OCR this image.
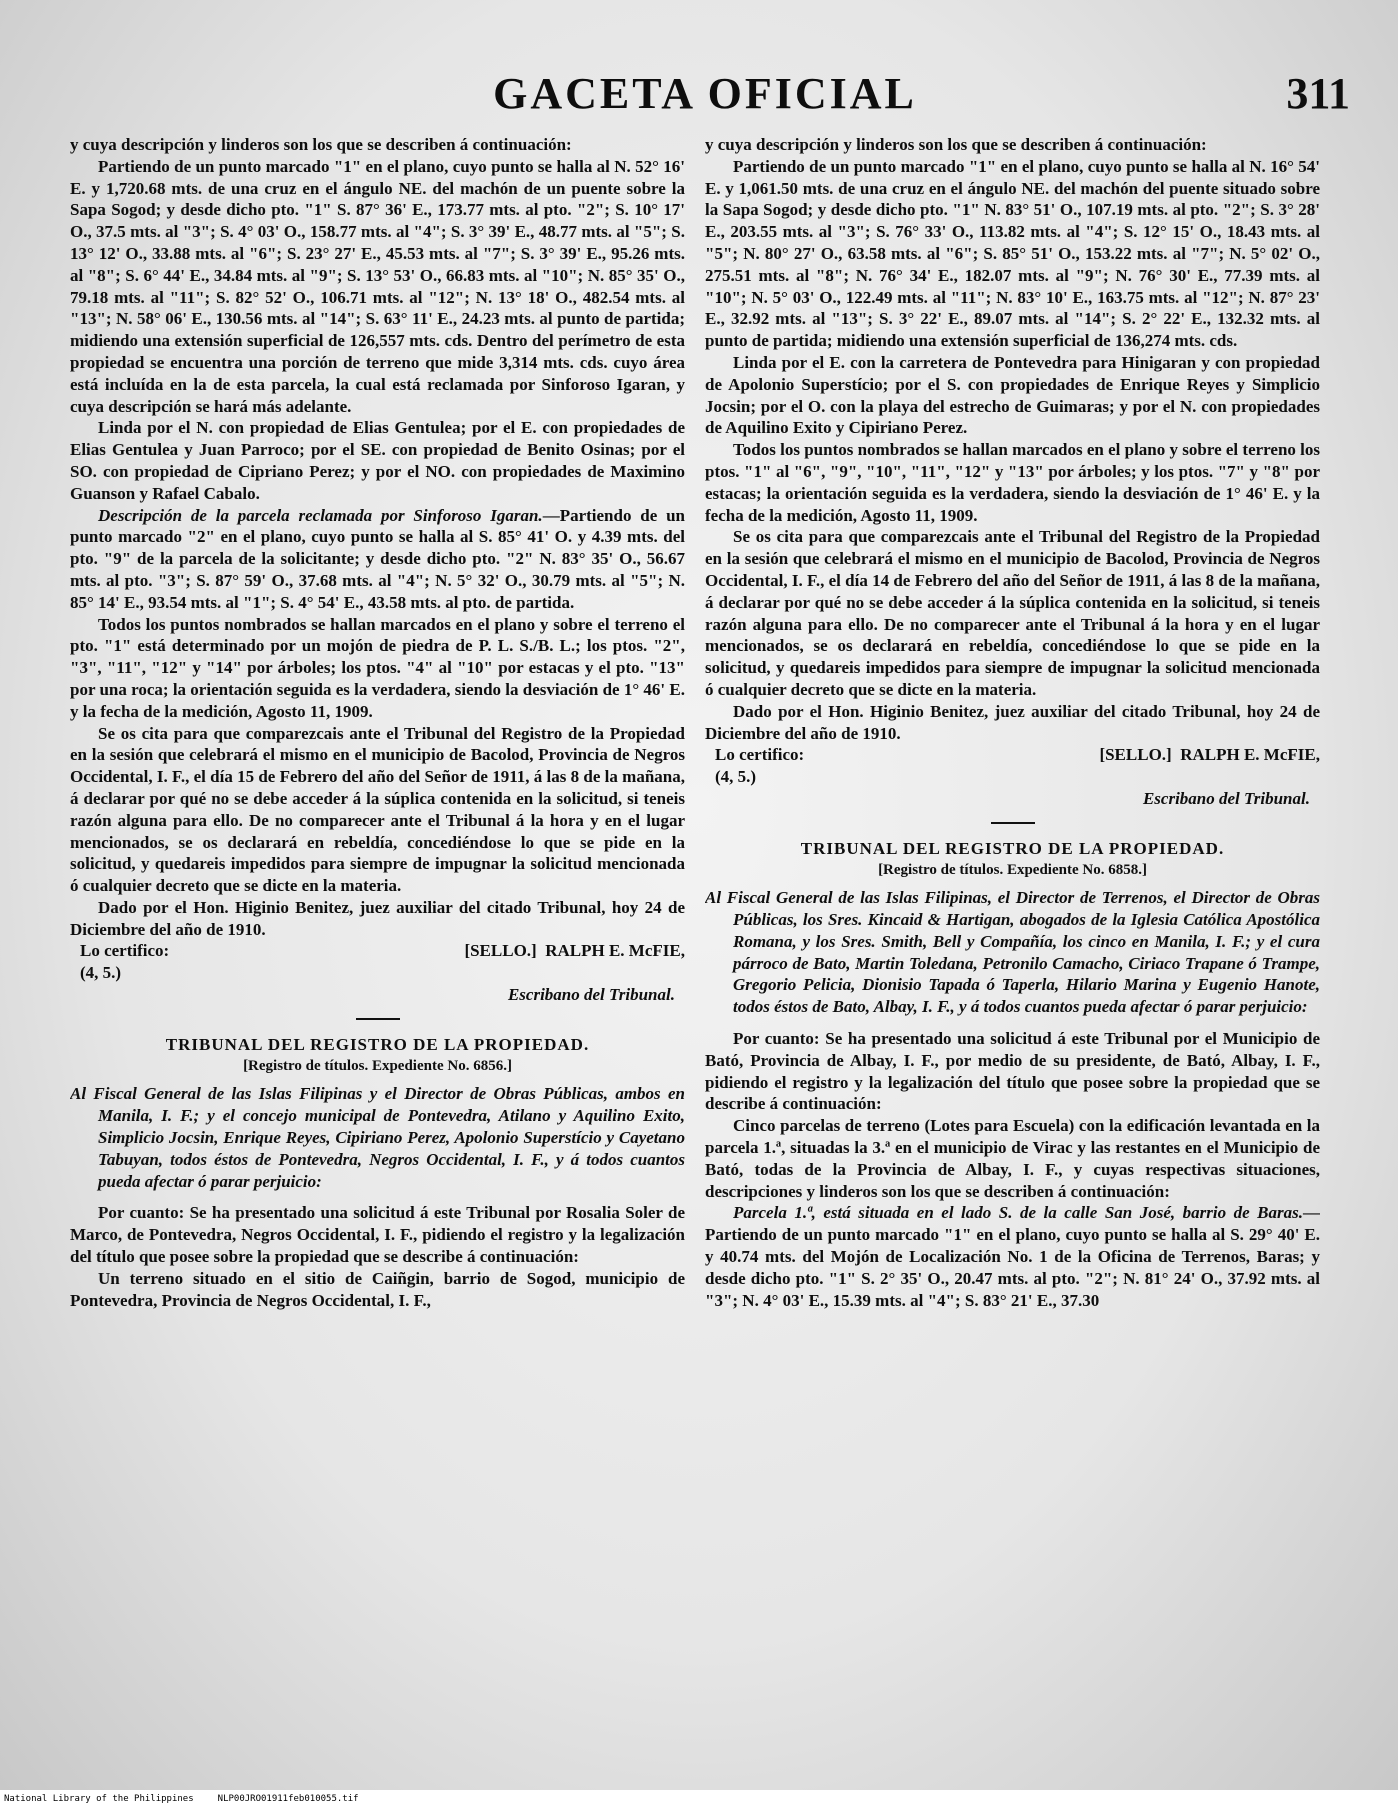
GACETA OFICIAL	311

y cuya descripción y linderos son los que se describen á continuación:

Partiendo de un punto marcado "1" en el plano, cuyo punto se halla al N. 52° 16' E. y 1,720.68 mts. de una cruz en el ángulo NE. del machón de un puente sobre la Sapa Sogod; y desde dicho pto. "1" S. 87° 36' E., 173.77 mts. al pto. "2"; S. 10° 17' O., 37.5 mts. al "3"; S. 4° 03' O., 158.77 mts. al "4"; S. 3° 39' E., 48.77 mts. al "5"; S. 13° 12' O., 33.88 mts. al "6"; S. 23° 27' E., 45.53 mts. al "7"; S. 3° 39' E., 95.26 mts. al "8"; S. 6° 44' E., 34.84 mts. al "9"; S. 13° 53' O., 66.83 mts. al "10"; N. 85° 35' O., 79.18 mts. al "11"; S. 82° 52' O., 106.71 mts. al "12"; N. 13° 18' O., 482.54 mts. al "13"; N. 58° 06' E., 130.56 mts. al "14"; S. 63° 11' E., 24.23 mts. al punto de partida; midiendo una extensión superficial de 126,557 mts. cds. Dentro del perímetro de esta propiedad se encuentra una porción de terreno que mide 3,314 mts. cds. cuyo área está incluída en la de esta parcela, la cual está reclamada por Sinforoso Igaran, y cuya descripción se hará más adelante.

Linda por el N. con propiedad de Elias Gentulea; por el E. con propiedades de Elias Gentulea y Juan Parroco; por el SE. con propiedad de Benito Osinas; por el SO. con propiedad de Cipriano Perez; y por el NO. con propiedades de Maximino Guanson y Rafael Cabalo.

Descripción de la parcela reclamada por Sinforoso Igaran.—Partiendo de un punto marcado "2" en el plano, cuyo punto se halla al S. 85° 41' O. y 4.39 mts. del pto. "9" de la parcela de la solicitante; y desde dicho pto. "2" N. 83° 35' O., 56.67 mts. al pto. "3"; S. 87° 59' O., 37.68 mts. al "4"; N. 5° 32' O., 30.79 mts. al "5"; N. 85° 14' E., 93.54 mts. al "1"; S. 4° 54' E., 43.58 mts. al pto. de partida.

Todos los puntos nombrados se hallan marcados en el plano y sobre el terreno el pto. "1" está determinado por un mojón de piedra de P. L. S./B. L.; los ptos. "2", "3", "11", "12" y "14" por árboles; los ptos. "4" al "10" por estacas y el pto. "13" por una roca; la orientación seguida es la verdadera, siendo la desviación de 1° 46' E. y la fecha de la medición, Agosto 11, 1909.

Se os cita para que comparezcais ante el Tribunal del Registro de la Propiedad en la sesión que celebrará el mismo en el municipio de Bacolod, Provincia de Negros Occidental, I. F., el día 15 de Febrero del año del Señor de 1911, á las 8 de la mañana, á declarar por qué no se debe acceder á la súplica contenida en la solicitud, si teneis razón alguna para ello. De no comparecer ante el Tribunal á la hora y en el lugar mencionados, se os declarará en rebeldía, concediéndose lo que se pide en la solicitud, y quedareis impedidos para siempre de impugnar la solicitud mencionada ó cualquier decreto que se dicte en la materia.

Dado por el Hon. Higinio Benitez, juez auxiliar del citado Tribunal, hoy 24 de Diciembre del año de 1910.

Lo certifico:	[SELLO.] RALPH E. McFIE,

(4, 5.)

Escribano del Tribunal.

TRIBUNAL DEL REGISTRO DE LA PROPIEDAD.

[Registro de títulos. Expediente No. 6856.]

Al Fiscal General de las Islas Filipinas y el Director de Obras Públicas, ambos en Manila, I. F.; y el concejo municipal de Pontevedra, Atilano y Aquilino Exito, Simplicio Jocsin, Enrique Reyes, Cipiriano Perez, Apolonio Superstício y Cayetano Tabuyan, todos éstos de Pontevedra, Negros Occidental, I. F., y á todos cuantos pueda afectar ó parar perjuicio:

Por cuanto: Se ha presentado una solicitud á este Tribunal por Rosalia Soler de Marco, de Pontevedra, Negros Occidental, I. F., pidiendo el registro y la legalización del título que posee sobre la propiedad que se describe á continuación:

Un terreno situado en el sitio de Caiñgin, barrio de Sogod, municipio de Pontevedra, Provincia de Negros Occidental, I. F.,

y cuya descripción y linderos son los que se describen á continuación:

Partiendo de un punto marcado "1" en el plano, cuyo punto se halla al N. 16° 54' E. y 1,061.50 mts. de una cruz en el ángulo NE. del machón del puente situado sobre la Sapa Sogod; y desde dicho pto. "1" N. 83° 51' O., 107.19 mts. al pto. "2"; S. 3° 28' E., 203.55 mts. al "3"; S. 76° 33' O., 113.82 mts. al "4"; S. 12° 15' O., 18.43 mts. al "5"; N. 80° 27' O., 63.58 mts. al "6"; S. 85° 51' O., 153.22 mts. al "7"; N. 5° 02' O., 275.51 mts. al "8"; N. 76° 34' E., 182.07 mts. al "9"; N. 76° 30' E., 77.39 mts. al "10"; N. 5° 03' O., 122.49 mts. al "11"; N. 83° 10' E., 163.75 mts. al "12"; N. 87° 23' E., 32.92 mts. al "13"; S. 3° 22' E., 89.07 mts. al "14"; S. 2° 22' E., 132.32 mts. al punto de partida; midiendo una extensión superficial de 136,274 mts. cds.

Linda por el E. con la carretera de Pontevedra para Hinigaran y con propiedad de Apolonio Superstício; por el S. con propiedades de Enrique Reyes y Simplicio Jocsin; por el O. con la playa del estrecho de Guimaras; y por el N. con propiedades de Aquilino Exito y Cipiriano Perez.

Todos los puntos nombrados se hallan marcados en el plano y sobre el terreno los ptos. "1" al "6", "9", "10", "11", "12" y "13" por árboles; y los ptos. "7" y "8" por estacas; la orientación seguida es la verdadera, siendo la desviación de 1° 46' E. y la fecha de la medición, Agosto 11, 1909.

Se os cita para que comparezcais ante el Tribunal del Registro de la Propiedad en la sesión que celebrará el mismo en el municipio de Bacolod, Provincia de Negros Occidental, I. F., el día 14 de Febrero del año del Señor de 1911, á las 8 de la mañana, á declarar por qué no se debe acceder á la súplica contenida en la solicitud, si teneis razón alguna para ello. De no comparecer ante el Tribunal á la hora y en el lugar mencionados, se os declarará en rebeldía, concediéndose lo que se pide en la solicitud, y quedareis impedidos para siempre de impugnar la solicitud mencionada ó cualquier decreto que se dicte en la materia.

Dado por el Hon. Higinio Benitez, juez auxiliar del citado Tribunal, hoy 24 de Diciembre del año de 1910.

Lo certifico:	[SELLO.] RALPH E. McFIE,

(4, 5.)

Escribano del Tribunal.

TRIBUNAL DEL REGISTRO DE LA PROPIEDAD.

[Registro de títulos. Expediente No. 6858.]

Al Fiscal General de las Islas Filipinas, el Director de Terrenos, el Director de Obras Públicas, los Sres. Kincaid & Hartigan, abogados de la Iglesia Católica Apostólica Romana, y los Sres. Smith, Bell y Compañía, los cinco en Manila, I. F.; y el cura párroco de Bato, Martin Toledana, Petronilo Camacho, Ciriaco Trapane ó Trampe, Gregorio Pelicia, Dionisio Tapada ó Taperla, Hilario Marina y Eugenio Hanote, todos éstos de Bato, Albay, I. F., y á todos cuantos pueda afectar ó parar perjuicio:

Por cuanto: Se ha presentado una solicitud á este Tribunal por el Municipio de Bató, Provincia de Albay, I. F., por medio de su presidente, de Bató, Albay, I. F., pidiendo el registro y la legalización del título que posee sobre la propiedad que se describe á continuación:

Cinco parcelas de terreno (Lotes para Escuela) con la edificación levantada en la parcela 1.ª, situadas la 3.ª en el municipio de Virac y las restantes en el Municipio de Bató, todas de la Provincia de Albay, I. F., y cuyas respectivas situaciones, descripciones y linderos son los que se describen á continuación:

Parcela 1.ª, está situada en el lado S. de la calle San José, barrio de Baras.—Partiendo de un punto marcado "1" en el plano, cuyo punto se halla al S. 29° 40' E. y 40.74 mts. del Mojón de Localización No. 1 de la Oficina de Terrenos, Baras; y desde dicho pto. "1" S. 2° 35' O., 20.47 mts. al pto. "2"; N. 81° 24' O., 37.92 mts. al "3"; N. 4° 03' E., 15.39 mts. al "4"; S. 83° 21' E., 37.30

National Library of the Philippines	NLP00JRO01911feb010055.tif
